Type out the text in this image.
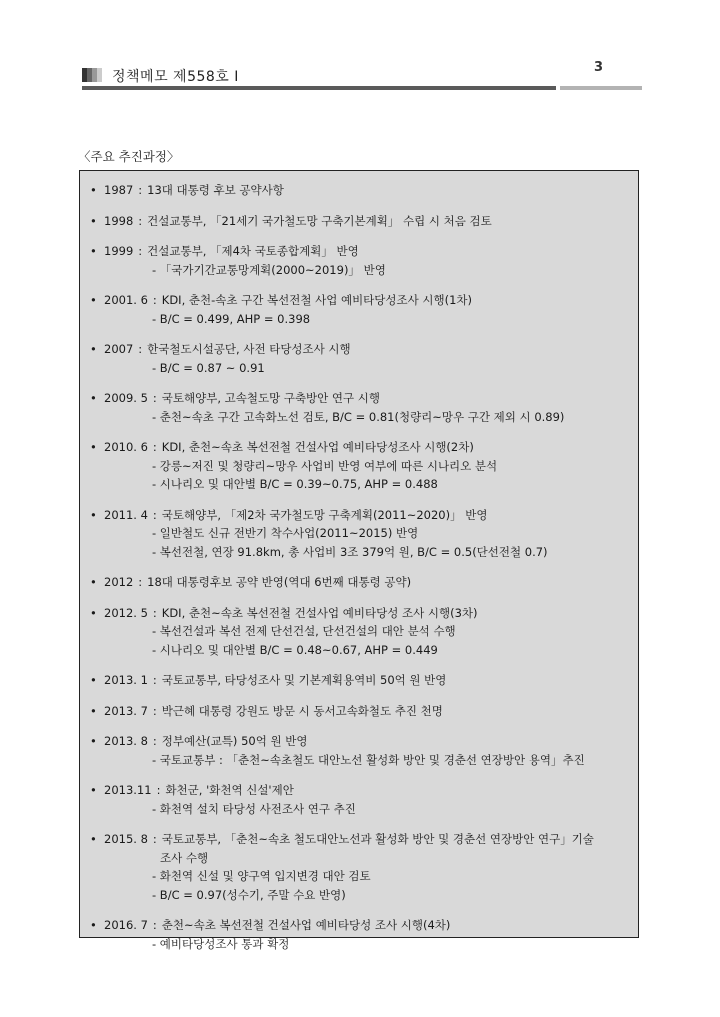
정책메모 제558호 I
3
〈주요 추진과정〉
• 1987 : 13대 대통령 후보 공약사항
• 1998 : 건설교통부, 「21세기 국가철도망 구축기본계획」 수립 시 처음 검토
• 1999 : 건설교통부, 「제4차 국토종합계획」 반영
- 「국가기간교통망계획(2000~2019)」 반영
• 2001. 6 : KDI, 춘천-속초 구간 복선전철 사업 예비타당성조사 시행(1차)
- B/C = 0.499, AHP = 0.398
• 2007 : 한국철도시설공단, 사전 타당성조사 시행
- B/C = 0.87 ~ 0.91
• 2009. 5 : 국토해양부, 고속철도망 구축방안 연구 시행
- 춘천~속초 구간 고속화노선 검토, B/C = 0.81(청량리~망우 구간 제외 시 0.89)
• 2010. 6 : KDI, 춘천~속초 복선전철 건설사업 예비타당성조사 시행(2차)
- 강릉~저진 및 청량리~망우 사업비 반영 여부에 따른 시나리오 분석
- 시나리오 및 대안별 B/C = 0.39~0.75, AHP = 0.488
• 2011. 4 : 국토해양부, 「제2차 국가철도망 구축계획(2011~2020)」 반영
- 일반철도 신규 전반기 착수사업(2011~2015) 반영
- 복선전철, 연장 91.8km, 총 사업비 3조 379억 원, B/C = 0.5(단선전철 0.7)
• 2012 : 18대 대통령후보 공약 반영(역대 6번째 대통령 공약)
• 2012. 5 : KDI, 춘천~속초 복선전철 건설사업 예비타당성 조사 시행(3차)
- 복선건설과 복선 전제 단선건설, 단선건설의 대안 분석 수행
- 시나리오 및 대안별 B/C = 0.48~0.67, AHP = 0.449
• 2013. 1 : 국토교통부, 타당성조사 및 기본계획용역비 50억 원 반영
• 2013. 7 : 박근혜 대통령 강원도 방문 시 동서고속화철도 추진 천명
• 2013. 8 : 정부예산(교특) 50억 원 반영
- 국토교통부 : 「춘천~속초철도 대안노선 활성화 방안 및 경춘선 연장방안 용역」추진
• 2013.11 : 화천군, '화천역 신설'제안
- 화천역 설치 타당성 사전조사 연구 추진
• 2015. 8 : 국토교통부, 「춘천~속초 철도대안노선과 활성화 방안 및 경춘선 연장방안 연구」기술
조사 수행
- 화천역 신설 및 양구역 입지변경 대안 검토
- B/C = 0.97(성수기, 주말 수요 반영)
• 2016. 7 : 춘천~속초 복선전철 건설사업 예비타당성 조사 시행(4차)
- 예비타당성조사 통과 확정
